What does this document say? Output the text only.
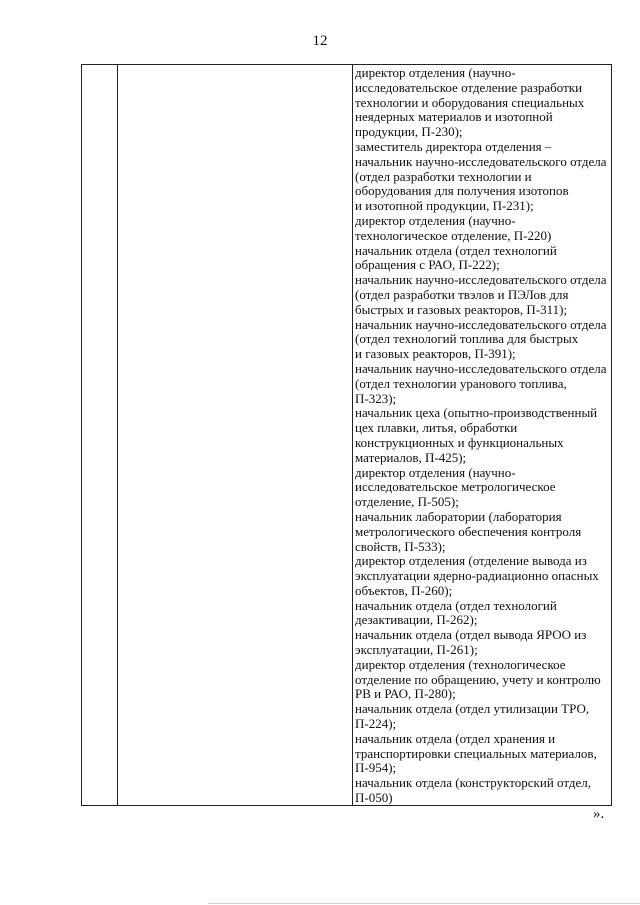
12
директор отделения (научно-
исследовательское отделение разработки
технологии и оборудования специальных
неядерных материалов и изотопной
продукции, П-230);
заместитель директора отделения –
начальник научно-исследовательского отдела
(отдел разработки технологии и
оборудования для получения изотопов
и изотопной продукции, П-231);
директор отделения (научно-
технологическое отделение, П-220)
начальник отдела (отдел технологий
обращения с РАО, П-222);
начальник научно-исследовательского отдела
(отдел разработки твэлов и ПЭЛов для
быстрых и газовых реакторов, П-311);
начальник научно-исследовательского отдела
(отдел технологий топлива для быстрых
и газовых реакторов, П-391);
начальник научно-исследовательского отдела
(отдел технологии уранового топлива,
П-323);
начальник цеха (опытно-производственный
цех плавки, литья, обработки
конструкционных и функциональных
материалов, П-425);
директор отделения (научно-
исследовательское метрологическое
отделение, П-505);
начальник лаборатории (лаборатория
метрологического обеспечения контроля
свойств, П-533);
директор отделения (отделение вывода из
эксплуатации ядерно-радиационно опасных
объектов, П-260);
начальник отдела (отдел технологий
дезактивации, П-262);
начальник отдела (отдел вывода ЯРОО из
эксплуатации, П-261);
директор отделения (технологическое
отделение по обращению, учету и контролю
РВ и РАО, П-280);
начальник отдела (отдел утилизации ТРО,
П-224);
начальник отдела (отдел хранения и
транспортировки специальных материалов,
П-954);
начальник отдела (конструкторский отдел,
П-050)
».
